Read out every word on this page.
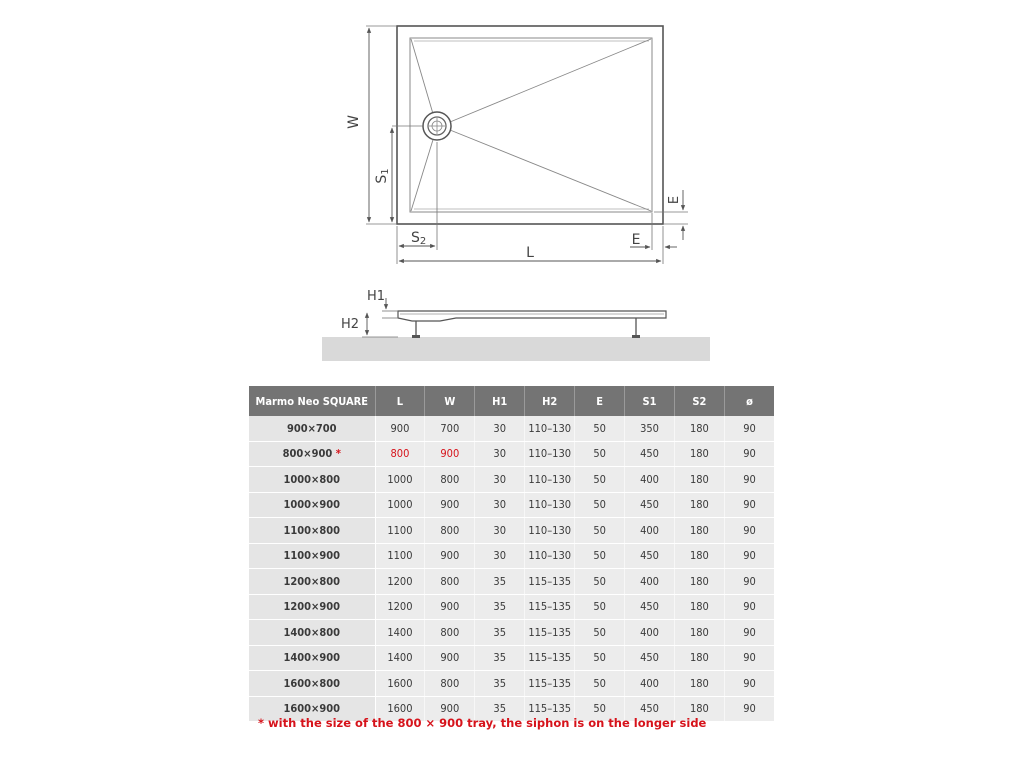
W
S1
S2
L
E
E
H1
H2
Marmo Neo SQUARE	L	W	H1	H2	E	S1	S2	ø
900×700	900	700	30	110–130	50	350	180	90
800×900 *	800	900	30	110–130	50	450	180	90
1000×800	1000	800	30	110–130	50	400	180	90
1000×900	1000	900	30	110–130	50	450	180	90
1100×800	1100	800	30	110–130	50	400	180	90
1100×900	1100	900	30	110–130	50	450	180	90
1200×800	1200	800	35	115–135	50	400	180	90
1200×900	1200	900	35	115–135	50	450	180	90
1400×800	1400	800	35	115–135	50	400	180	90
1400×900	1400	900	35	115–135	50	450	180	90
1600×800	1600	800	35	115–135	50	400	180	90
1600×900	1600	900	35	115–135	50	450	180	90

* with the size of the 800 × 900 tray, the siphon is on the longer side
